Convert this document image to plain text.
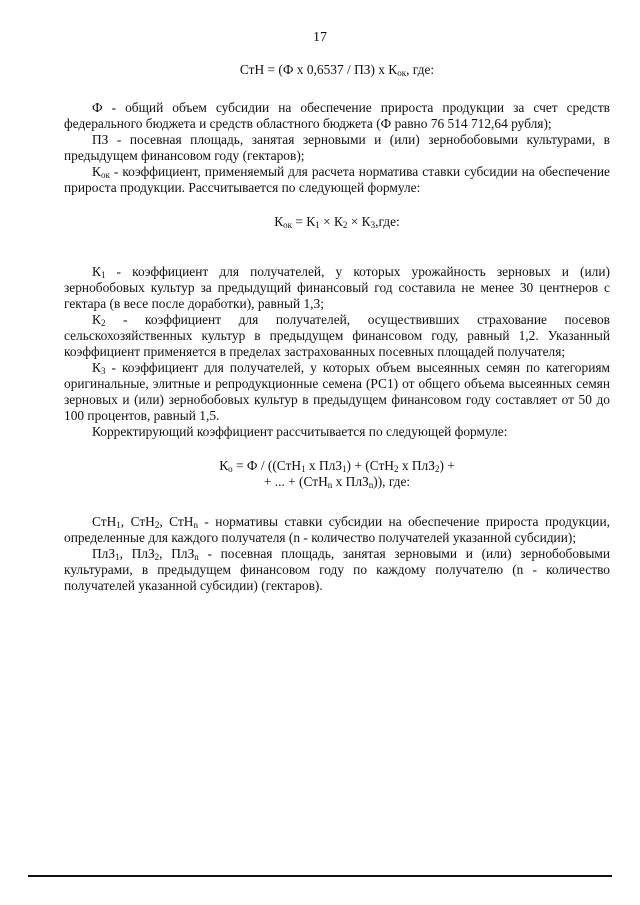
17

СтН = (Ф х 0,6537 / ПЗ) х $К_{ок}$, где:

Ф - общий объем субсидии на обеспечение прироста продукции за счет средств федерального бюджета и средств областного бюджета (Ф равно 76 514 712,64 рубля);

ПЗ - посевная площадь, занятая зерновыми и (или) зернобобовыми культурами, в предыдущем финансовом году (гектаров);

$К_{ок}$ - коэффициент, применяемый для расчета норматива ставки субсидии на обеспечение прироста продукции. Рассчитывается по следующей формуле:

$К_{ок} = К_1 \times К_2 \times К_3,где$:

$К_1$ - коэффициент для получателей, у которых урожайность зерновых и (или) зернобобовых культур за предыдущий финансовый год составила не менее 30 центнеров с гектара (в весе после доработки), равный 1,3;

$К_2$ - коэффициент для получателей, осуществивших страхование посевов сельскохозяйственных культур в предыдущем финансовом году, равный 1,2. Указанный коэффициент применяется в пределах застрахованных посевных площадей получателя;

$К_3$ - коэффициент для получателей, у которых объем высеянных семян по категориям оригинальные, элитные и репродукционные семена (РС1) от общего объема высеянных семян зерновых и (или) зернобобовых культур в предыдущем финансовом году составляет от 50 до 100 процентов, равный 1,5.

Корректирующий коэффициент рассчитывается по следующей формуле:

$К_о = Ф / ((СтН_1$ х ПлЗ$_1$) + (СтН$_2$ х ПлЗ$_2$) +
+ ... + (СтН$_n$ х ПлЗ$_n$)), где:

СтН$_1$, СтН$_2$, СтН$_n$ - нормативы ставки субсидии на обеспечение прироста продукции, определенные для каждого получателя (n - количество получателей указанной субсидии);

ПлЗ$_1$, ПлЗ$_2$, ПлЗ$_n$ - посевная площадь, занятая зерновыми и (или) зернобобовыми культурами, в предыдущем финансовом году по каждому получателю (n - количество получателей указанной субсидии) (гектаров).
